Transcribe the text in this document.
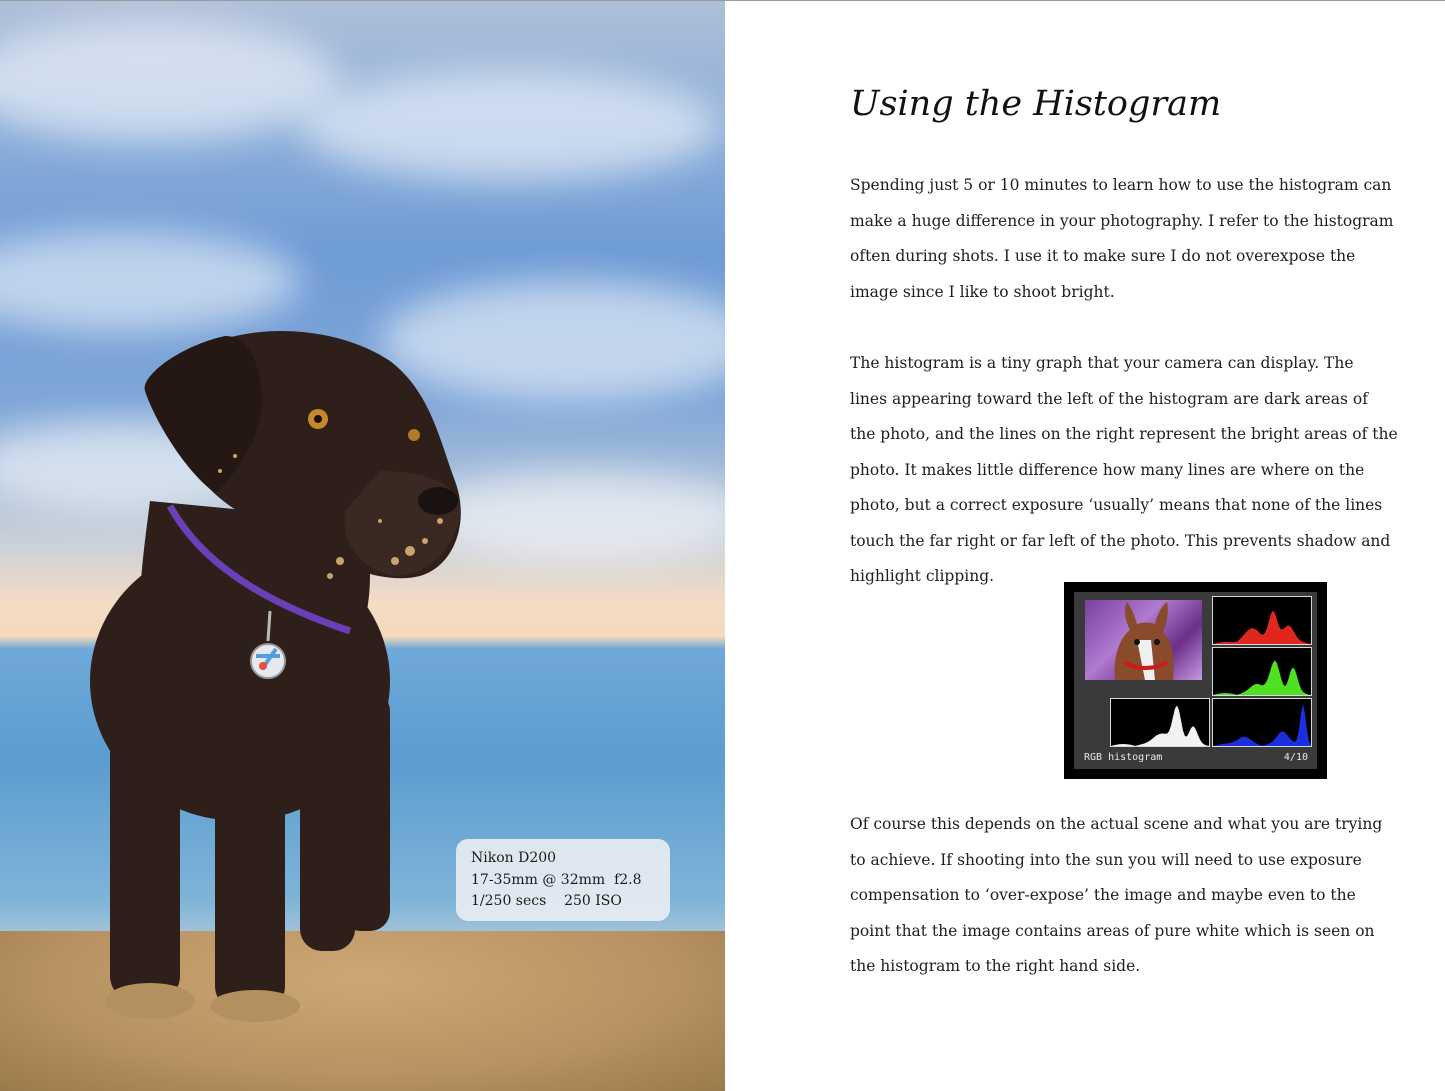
Nikon D200
17-35mm @ 32mm  f2.8
1/250 secs    250 ISO
Using the Histogram
Spending just 5 or 10 minutes to learn how to use the histogram can
make a huge difference in your photography. I refer to the histogram
often during shots. I use it to make sure I do not overexpose the
image since I like to shoot bright.
The histogram is a tiny graph that your camera can display. The
lines appearing toward the left of the histogram are dark areas of
the photo, and the lines on the right represent the bright areas of the
photo. It makes little difference how many lines are where on the
photo, but a correct exposure ‘usually’ means that none of the lines
touch the far right or far left of the photo. This prevents shadow and
highlight clipping.
RGB histogram	4/10
Of course this depends on the actual scene and what you are trying
to achieve. If shooting into the sun you will need to use exposure
compensation to ‘over-expose’ the image and maybe even to the
point that the image contains areas of pure white which is seen on
the histogram to the right hand side.
